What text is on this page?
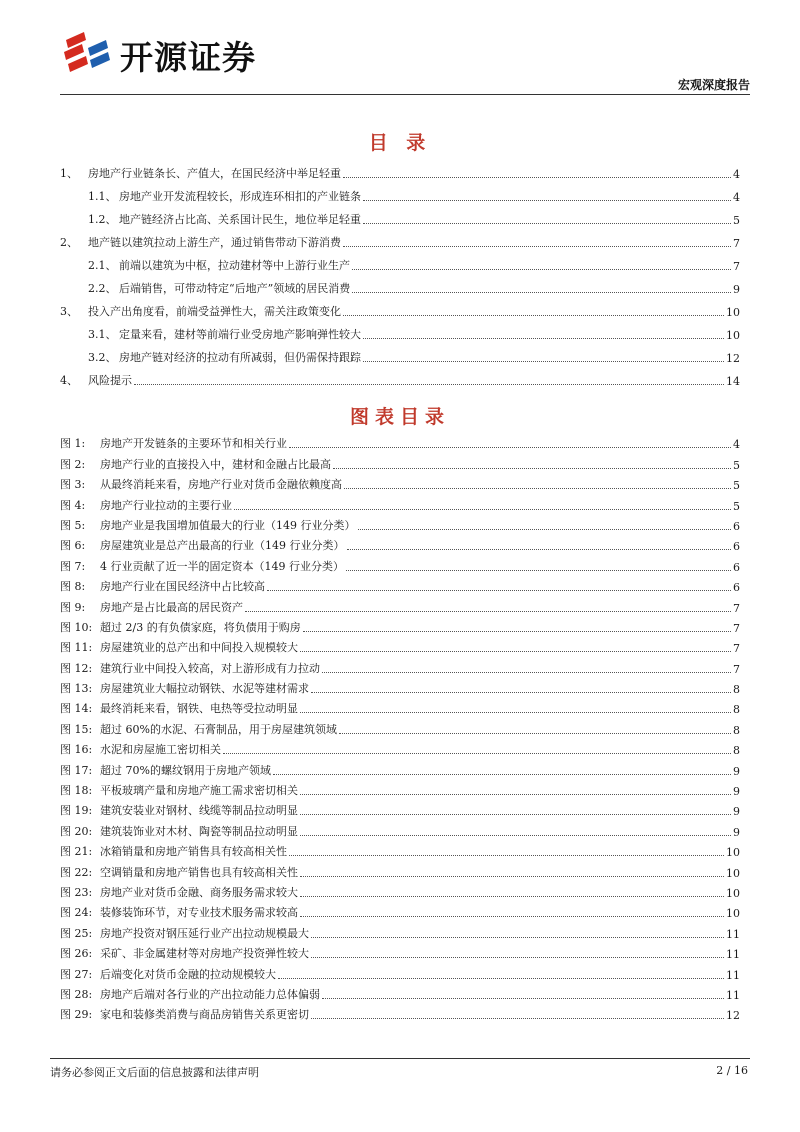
开源证券
宏观深度报告
目 录
1、 房地产行业链条长、产值大，在国民经济中举足轻重	4
1.1、 房地产业开发流程较长，形成连环相扣的产业链条	4
1.2、 地产链经济占比高、关系国计民生，地位举足轻重	5
2、 地产链以建筑拉动上游生产，通过销售带动下游消费	7
2.1、 前端以建筑为中枢，拉动建材等中上游行业生产	7
2.2、 后端销售，可带动特定“后地产”领域的居民消费	9
3、 投入产出角度看，前端受益弹性大，需关注政策变化	10
3.1、 定量来看，建材等前端行业受房地产影响弹性较大	10
3.2、 房地产链对经济的拉动有所减弱，但仍需保持跟踪	12
4、 风险提示	14
图表目录
图 1:	房地产开发链条的主要环节和相关行业	4
图 2:	房地产行业的直接投入中，建材和金融占比最高	5
图 3:	从最终消耗来看，房地产行业对货币金融依赖度高	5
图 4:	房地产行业拉动的主要行业	5
图 5:	房地产业是我国增加值最大的行业（149 行业分类）	6
图 6:	房屋建筑业是总产出最高的行业（149 行业分类）	6
图 7:	4 行业贡献了近一半的固定资本（149 行业分类）	6
图 8:	房地产行业在国民经济中占比较高	6
图 9:	房地产是占比最高的居民资产	7
图 10: 超过 2/3 的有负债家庭，将负债用于购房	7
图 11: 房屋建筑业的总产出和中间投入规模较大	7
图 12: 建筑行业中间投入较高，对上游形成有力拉动	7
图 13: 房屋建筑业大幅拉动钢铁、水泥等建材需求	8
图 14: 最终消耗来看，钢铁、电热等受拉动明显	8
图 15: 超过 60%的水泥、石膏制品，用于房屋建筑领域	8
图 16: 水泥和房屋施工密切相关	8
图 17: 超过 70%的螺纹钢用于房地产领域	9
图 18: 平板玻璃产量和房地产施工需求密切相关	9
图 19: 建筑安装业对钢材、线缆等制品拉动明显	9
图 20: 建筑装饰业对木材、陶瓷等制品拉动明显	9
图 21: 冰箱销量和房地产销售具有较高相关性	10
图 22: 空调销量和房地产销售也具有较高相关性	10
图 23: 房地产业对货币金融、商务服务需求较大	10
图 24: 装修装饰环节，对专业技术服务需求较高	10
图 25: 房地产投资对钢压延行业产出拉动规模最大	11
图 26: 采矿、非金属建材等对房地产投资弹性较大	11
图 27: 后端变化对货币金融的拉动规模较大	11
图 28: 房地产后端对各行业的产出拉动能力总体偏弱	11
图 29: 家电和装修类消费与商品房销售关系更密切	12
请务必参阅正文后面的信息披露和法律声明	2 / 16
